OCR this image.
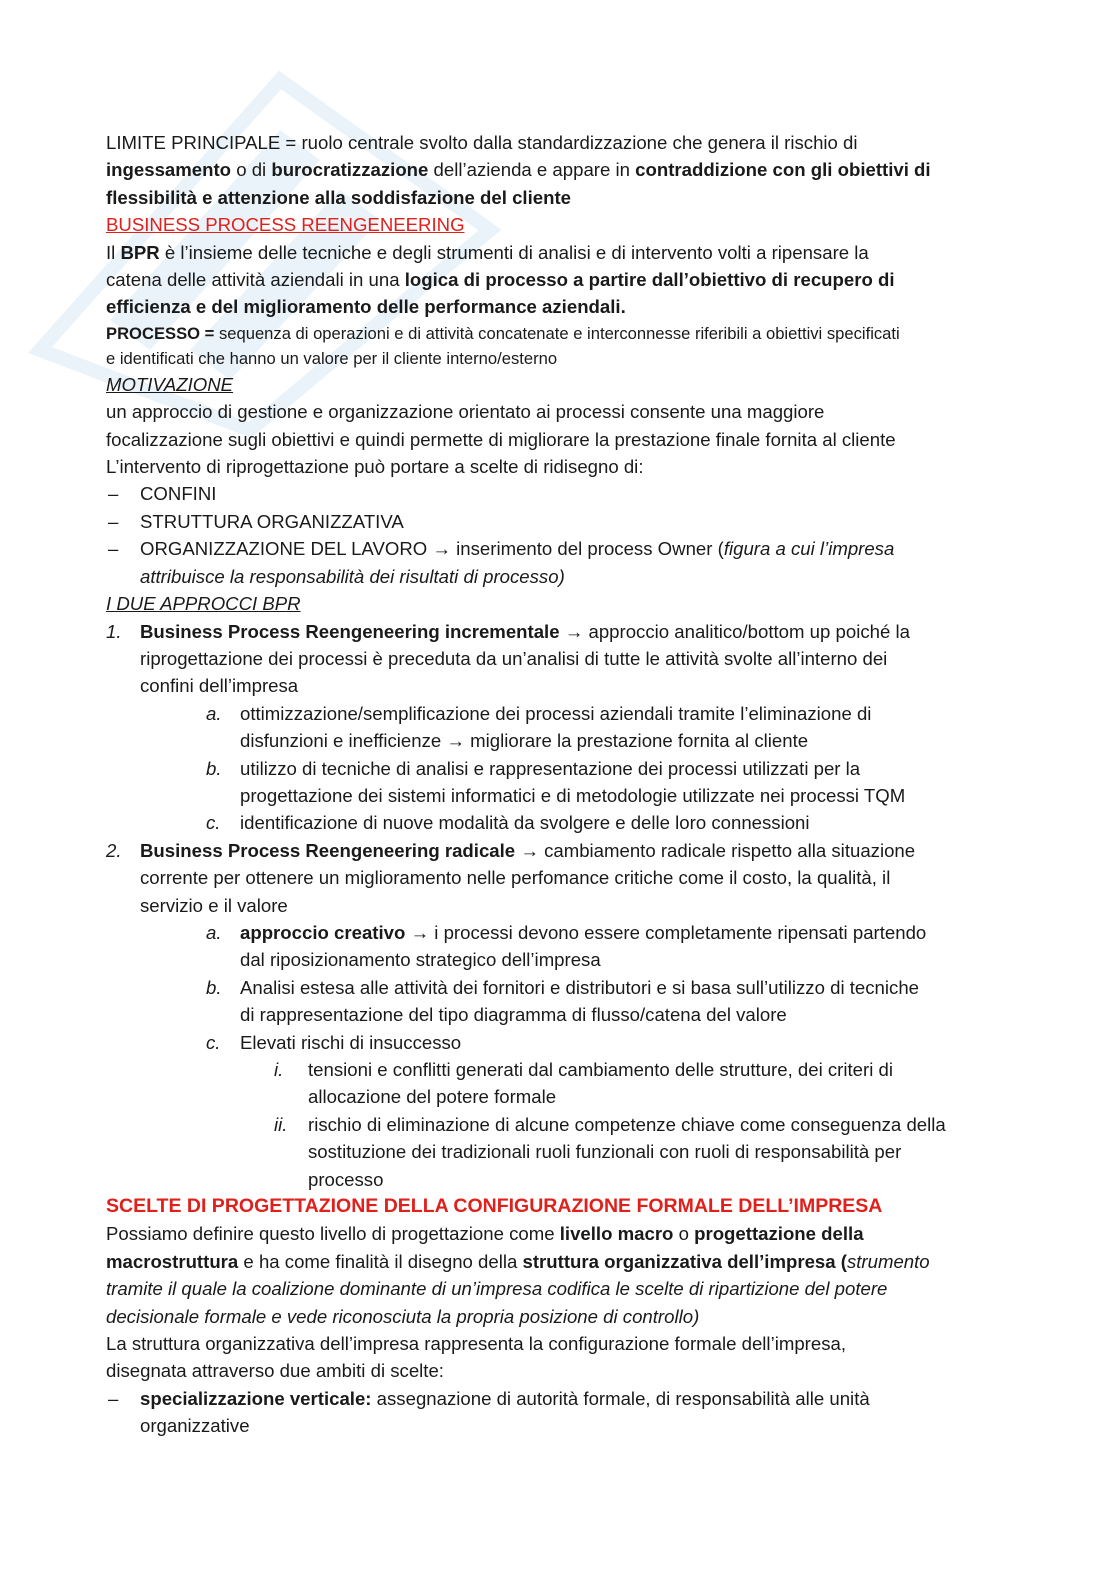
LIMITE PRINCIPALE = ruolo centrale svolto dalla standardizzazione che genera il rischio di
ingessamento o di burocratizzazione dell’azienda e appare in contraddizione con gli obiettivi di
flessibilità e attenzione alla soddisfazione del cliente
BUSINESS PROCESS REENGENEERING
Il BPR è l’insieme delle tecniche e degli strumenti di analisi e di intervento volti a ripensare la
catena delle attività aziendali in una logica di processo a partire dall’obiettivo di recupero di
efficienza e del miglioramento delle performance aziendali.
PROCESSO = sequenza di operazioni e di attività concatenate e interconnesse riferibili a obiettivi specificati
e identificati che hanno un valore per il cliente interno/esterno
MOTIVAZIONE
un approccio di gestione e organizzazione orientato ai processi consente una maggiore
focalizzazione sugli obiettivi e quindi permette di migliorare la prestazione finale fornita al cliente
L’intervento di riprogettazione può portare a scelte di ridisegno di:
– CONFINI
– STRUTTURA ORGANIZZATIVA
– ORGANIZZAZIONE DEL LAVORO → inserimento del process Owner (figura a cui l’impresa
attribuisce la responsabilità dei risultati di processo)
I DUE APPROCCI BPR
1. Business Process Reengeneering incrementale → approccio analitico/bottom up poiché la
riprogettazione dei processi è preceduta da un’analisi di tutte le attività svolte all’interno dei
confini dell’impresa
a. ottimizzazione/semplificazione dei processi aziendali tramite l’eliminazione di
disfunzioni e inefficienze → migliorare la prestazione fornita al cliente
b. utilizzo di tecniche di analisi e rappresentazione dei processi utilizzati per la
progettazione dei sistemi informatici e di metodologie utilizzate nei processi TQM
c. identificazione di nuove modalità da svolgere e delle loro connessioni
2. Business Process Reengeneering radicale → cambiamento radicale rispetto alla situazione
corrente per ottenere un miglioramento nelle perfomance critiche come il costo, la qualità, il
servizio e il valore
a. approccio creativo → i processi devono essere completamente ripensati partendo
dal riposizionamento strategico dell’impresa
b. Analisi estesa alle attività dei fornitori e distributori e si basa sull’utilizzo di tecniche
di rappresentazione del tipo diagramma di flusso/catena del valore
c. Elevati rischi di insuccesso
i. tensioni e conflitti generati dal cambiamento delle strutture, dei criteri di
allocazione del potere formale
ii. rischio di eliminazione di alcune competenze chiave come conseguenza della
sostituzione dei tradizionali ruoli funzionali con ruoli di responsabilità per
processo
SCELTE DI PROGETTAZIONE DELLA CONFIGURAZIONE FORMALE DELL’IMPRESA
Possiamo definire questo livello di progettazione come livello macro o progettazione della
macrostruttura e ha come finalità il disegno della struttura organizzativa dell’impresa (strumento
tramite il quale la coalizione dominante di un’impresa codifica le scelte di ripartizione del potere
decisionale formale e vede riconosciuta la propria posizione di controllo)
La struttura organizzativa dell’impresa rappresenta la configurazione formale dell’impresa,
disegnata attraverso due ambiti di scelte:
– specializzazione verticale: assegnazione di autorità formale, di responsabilità alle unità
organizzative
